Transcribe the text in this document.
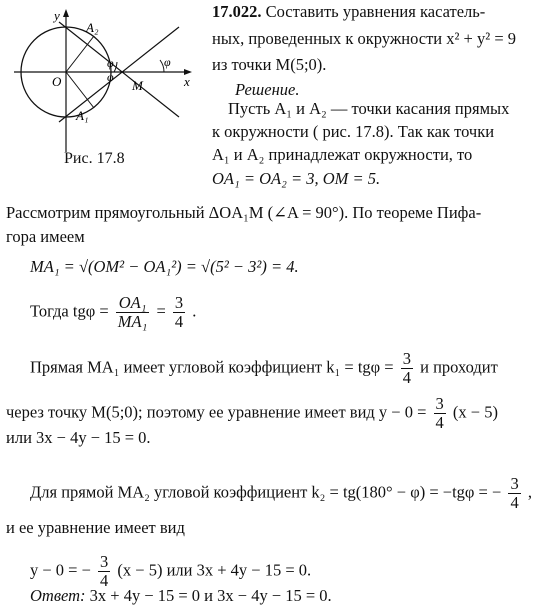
y
x
O	M
A₂
A₁
φ
φ
φ
Рис. 17.8
17.022. Составить уравнения касатель-
ных, проведенных к окружности x² + y² = 9
из точки M(5;0).
Решение.
Пусть A₁ и A₂ — точки касания прямых
к окружности ( рис. 17.8). Так как точки
A₁ и A₂ принадлежат окружности, то
OA₁ = OA₂ = 3, OM = 5.
Рассмотрим прямоугольный ΔOA₁M (∠A = 90°). По теореме Пифа-
гора имеем
MA₁ = √(OM² − OA₁²) = √(5² − 3²) = 4.
Тогда $tg\varphi = \frac{\text{OA₁}}{\text{MA₁}} = \frac{3}{4}$ .
Прямая MA₁ имеет угловой коэффициент $k_1 = tg\varphi = \frac{3}{4}$ и проходит
через точку M(5;0); поэтому ее уравнение имеет вид $y - 0 = \frac{3}{4} (x - 5)$
или 3x − 4y − 15 = 0.
Для прямой MA₂ угловой коэффициент k₂ = tg(180° − φ) = −tgφ = − $\frac{3}{4}$ ,
и ее уравнение имеет вид
y − 0 = − $\frac{3}{4} (x - 5)$ или 3x + 4y − 15 = 0.
Ответ: 3x + 4y − 15 = 0 и 3x − 4y − 15 = 0.
